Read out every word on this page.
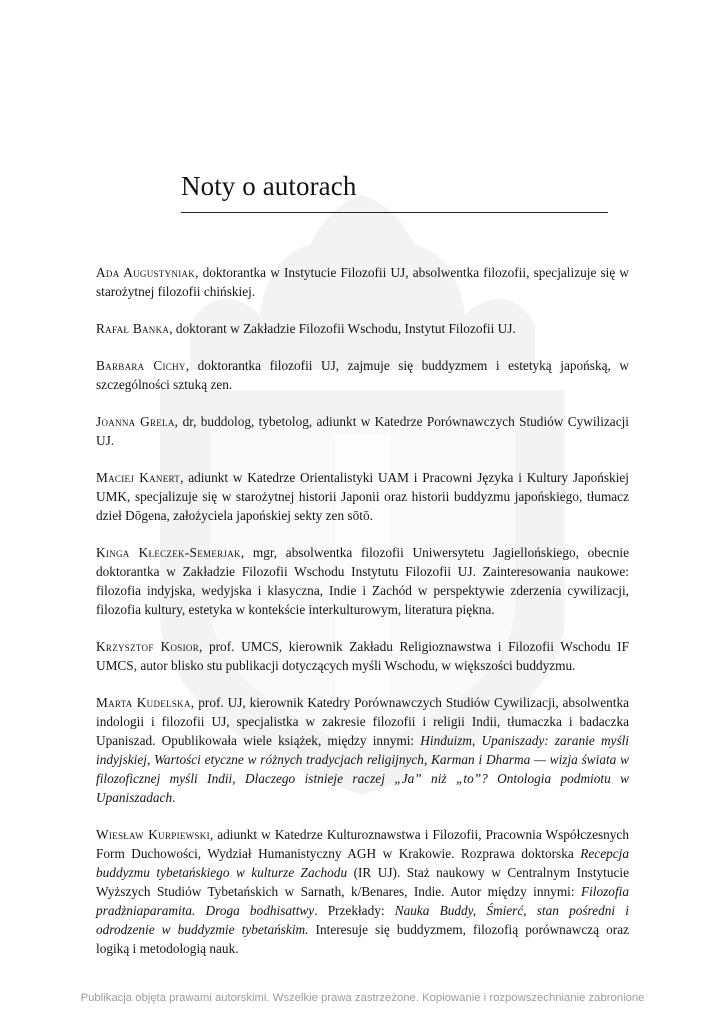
Noty o autorach

Ada Augustyniak, doktorantka w Instytucie Filozofii UJ, absolwentka filozofii, specjalizuje się w starożytnej filozofii chińskiej.

Rafał Banka, doktorant w Zakładzie Filozofii Wschodu, Instytut Filozofii UJ.

Barbara Cichy, doktorantka filozofii UJ, zajmuje się buddyzmem i estetyką japońską, w szczególności sztuką zen.

Joanna Grela, dr, buddolog, tybetolog, adiunkt w Katedrze Porównawczych Studiów Cywilizacji UJ.

Maciej Kanert, adiunkt w Katedrze Orientalistyki UAM i Pracowni Języka i Kultury Japońskiej UMK, specjalizuje się w starożytnej historii Japonii oraz historii buddyzmu japońskiego, tłumacz dzieł Dōgena, założyciela japońskiej sekty zen sōtō.

Kinga Kłeczek-Semerjak, mgr, absolwentka filozofii Uniwersytetu Jagiellońskiego, obecnie doktorantka w Zakładzie Filozofii Wschodu Instytutu Filozofii UJ. Zainteresowania naukowe: filozofia indyjska, wedyjska i klasyczna, Indie i Zachód w perspektywie zderzenia cywilizacji, filozofia kultury, estetyka w kontekście interkulturowym, literatura piękna.

Krzysztof Kosior, prof. UMCS, kierownik Zakładu Religioznawstwa i Filozofii Wschodu IF UMCS, autor blisko stu publikacji dotyczących myśli Wschodu, w większości buddyzmu.

Marta Kudelska, prof. UJ, kierownik Katedry Porównawczych Studiów Cywilizacji, absolwentka indologii i filozofii UJ, specjalistka w zakresie filozofii i religii Indii, tłumaczka i badaczka Upaniszad. Opublikowała wiele książek, między innymi: Hinduizm, Upaniszady: zaranie myśli indyjskiej, Wartości etyczne w różnych tradycjach religijnych, Karman i Dharma — wizja świata w filozoficznej myśli Indii, Dlaczego istnieje raczej „Ja” niż „to”? Ontologia podmiotu w Upaniszadach.

Wiesław Kurpiewski, adiunkt w Katedrze Kulturoznawstwa i Filozofii, Pracownia Współczesnych Form Duchowości, Wydział Humanistyczny AGH w Krakowie. Rozprawa doktorska Recepcja buddyzmu tybetańskiego w kulturze Zachodu (IR UJ). Staż naukowy w Centralnym Instytucie Wyższych Studiów Tybetańskich w Sarnath, k/Benares, Indie. Autor między innymi: Filozofia pradżniaparamita. Droga bodhisattwy. Przekłady: Nauka Buddy, Śmierć, stan pośredni i odrodzenie w buddyzmie tybetańskim. Interesuje się buddyzmem, filozofią porównawczą oraz logiką i metodologią nauk.

Publikacja objęta prawami autorskimi. Wszelkie prawa zastrzeżone. Kopiowanie i rozpowszechnianie zabronione
